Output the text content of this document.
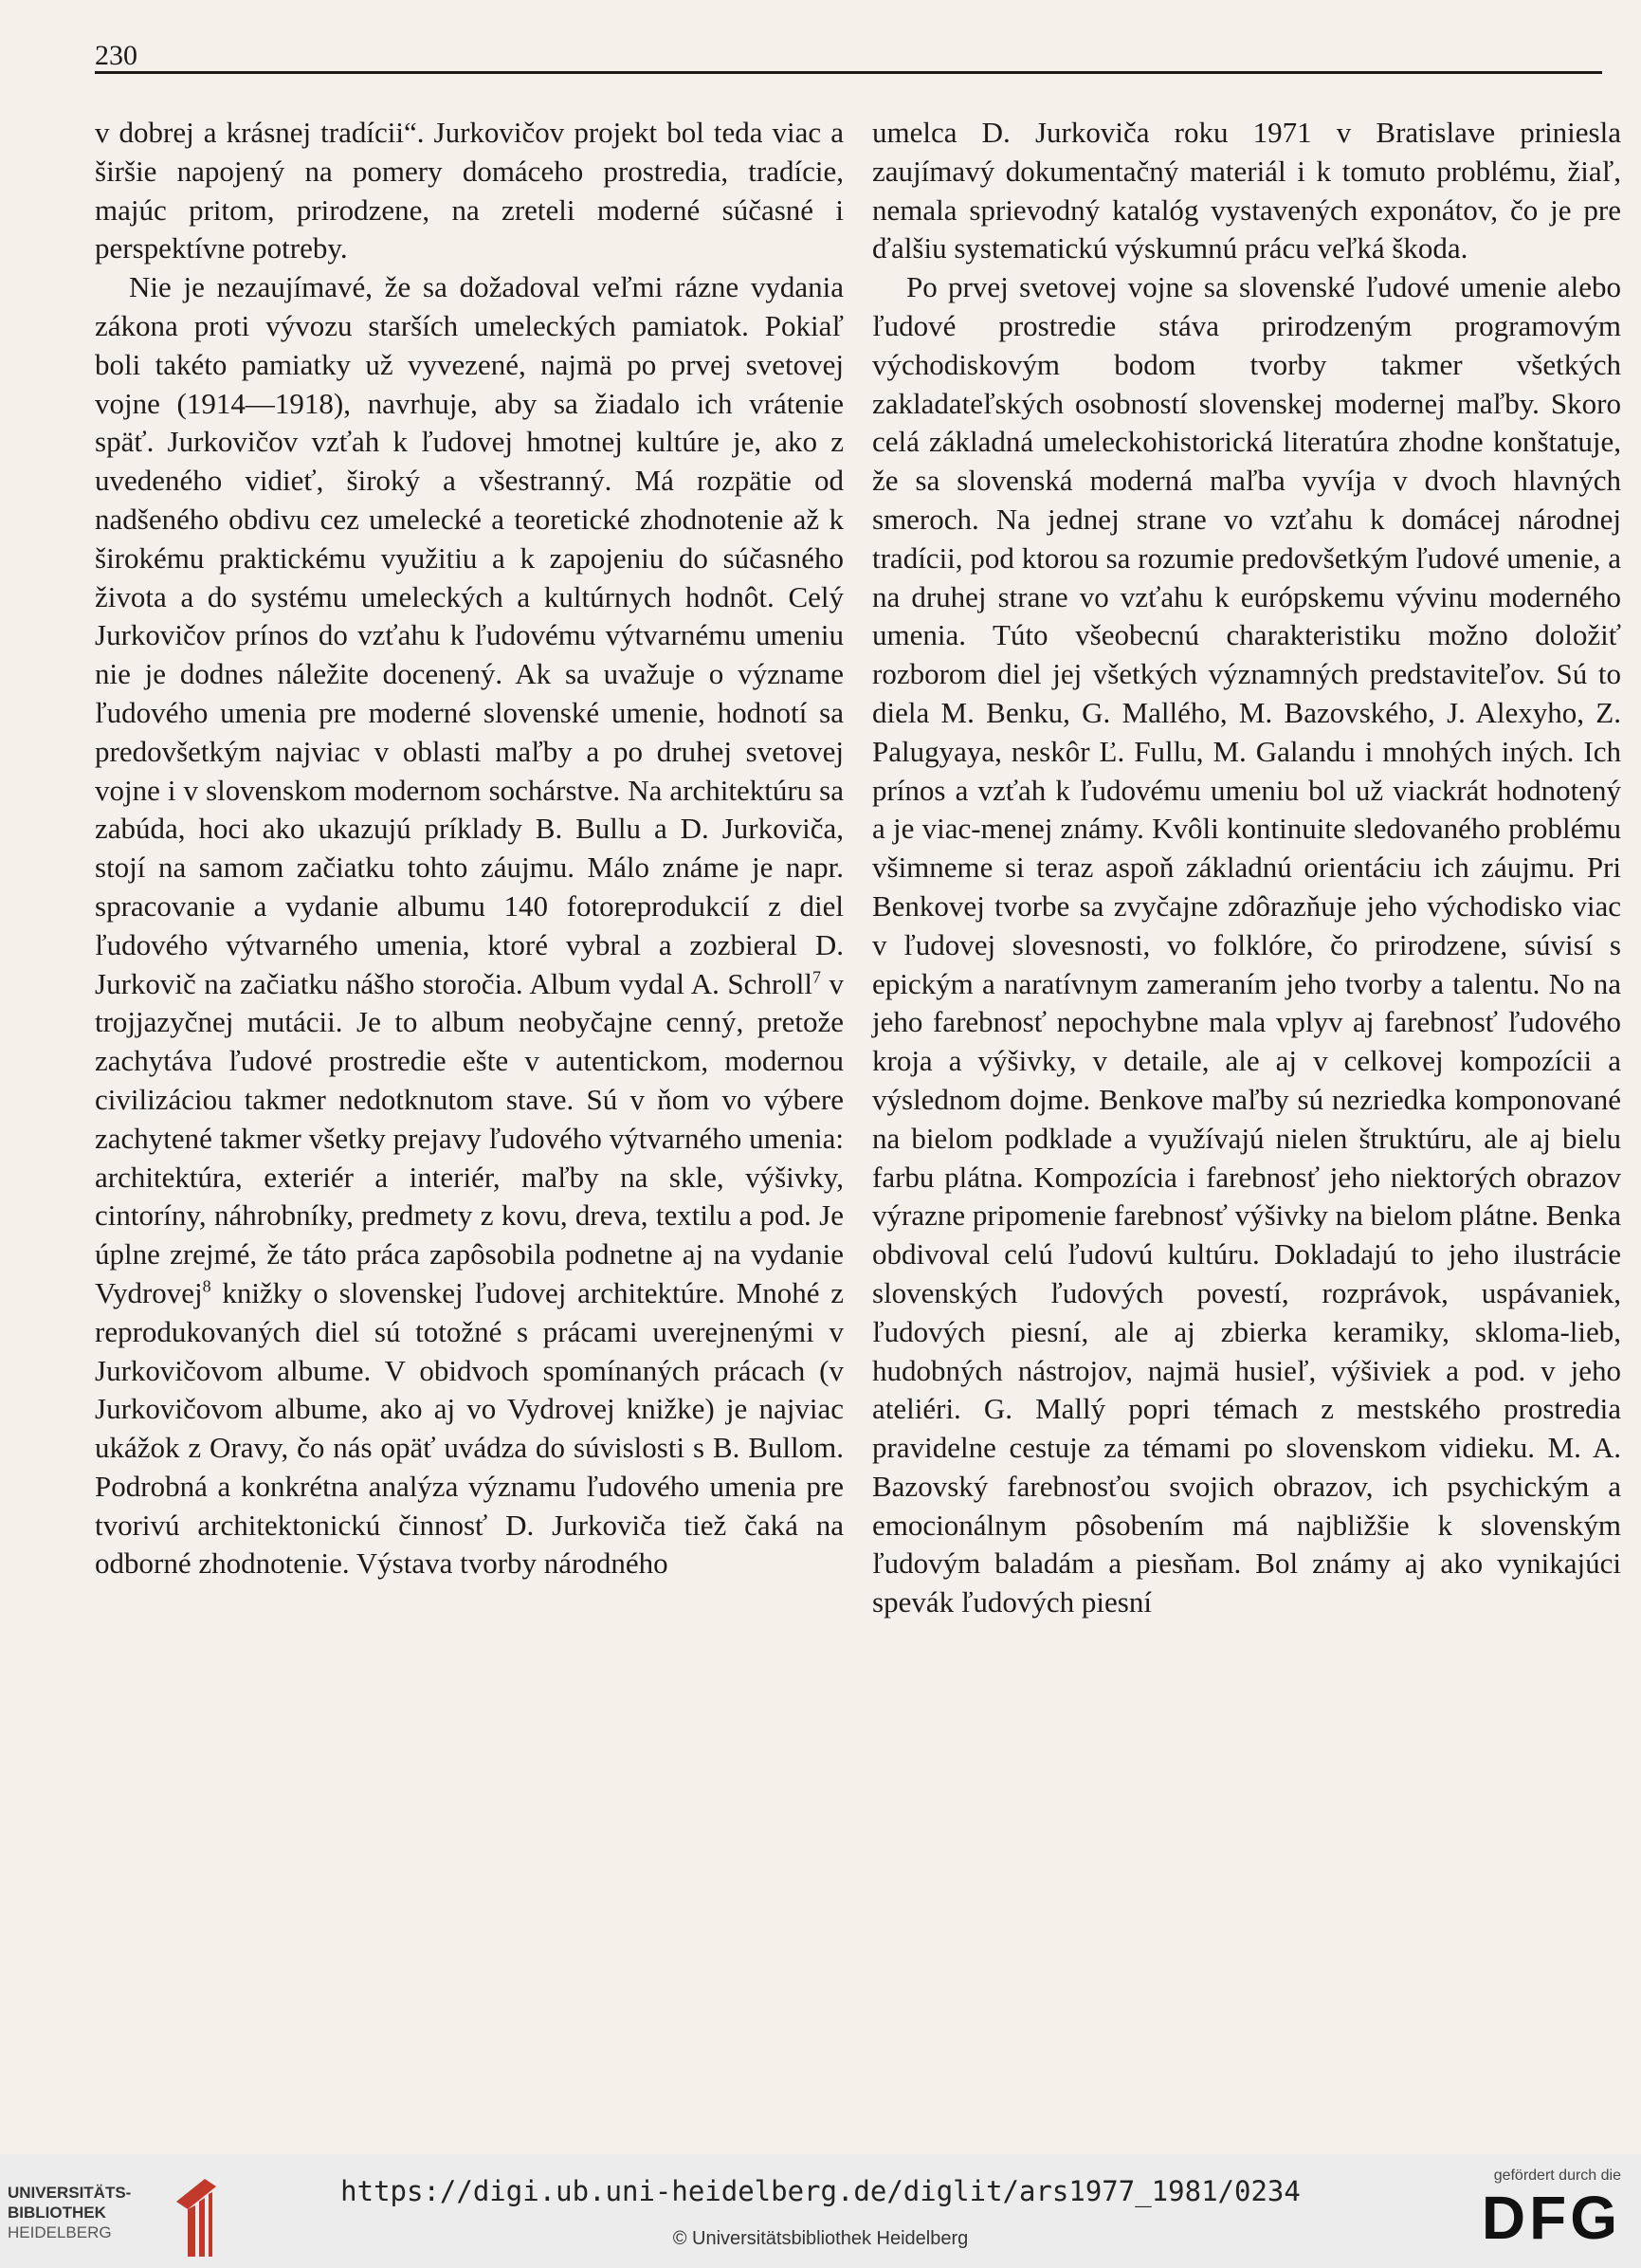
230

v dobrej a krásnej tradícii“. Jurkovičov projekt bol teda viac a širšie napojený na pomery domáceho prostredia, tradície, majúc pritom, prirodzene, na zreteli moderné súčasné i perspektívne potreby.

Nie je nezaujímavé, že sa dožadoval veľmi rázne vydania zákona proti vývozu starších umeleckých pamiatok. Pokiaľ boli takéto pamiatky už vyvezené, najmä po prvej svetovej vojne (1914—1918), navrhuje, aby sa žiadalo ich vrátenie späť. Jurkovičov vzťah k ľudovej hmotnej kultúre je, ako z uvedeného vidieť, široký a všestranný. Má rozpätie od nadšeného obdivu cez umelecké a teoretické zhodnotenie až k širokému praktickému využitiu a k zapojeniu do súčasného života a do systému umeleckých a kultúrnych hodnôt. Celý Jurkovičov prínos do vzťahu k ľudovému výtvarnému umeniu nie je dodnes náležite docenený. Ak sa uvažuje o význame ľudového umenia pre moderné slovenské umenie, hodnotí sa predovšetkým najviac v oblasti maľby a po druhej svetovej vojne i v slovenskom modernom sochárstve. Na architektúru sa zabúda, hoci ako ukazujú príklady B. Bullu a D. Jurkoviča, stojí na samom začiatku tohto záujmu. Málo známe je napr. spracovanie a vydanie albumu 140 fotoreprodukcií z diel ľudového výtvarného umenia, ktoré vybral a zozbieral D. Jurkovič na začiatku nášho storočia. Album vydal A. Schroll$^7$ v trojjazyčnej mutácii. Je to album neobyčajne cenný, pretože zachytáva ľudové prostredie ešte v autentickom, modernou civilizáciou takmer nedotknutom stave. Sú v ňom vo výbere zachytené takmer všetky prejavy ľudového výtvarného umenia: architektúra, exteriér a interiér, maľby na skle, výšivky, cintoríny, náhrobníky, predmety z kovu, dreva, textilu a pod. Je úplne zrejmé, že táto práca zapôsobila podnetne aj na vydanie Vydrovej$^8$ knižky o slovenskej ľudovej architektúre. Mnohé z reprodukovaných diel sú totožné s prácami uverejnenými v Jurkovičovom albume. V obidvoch spomínaných prácach (v Jurkovičovom albume, ako aj vo Vydrovej knižke) je najviac ukážok z Oravy, čo nás opäť uvádza do súvislosti s B. Bullom. Podrobná a konkrétna analýza významu ľudového umenia pre tvorivú architektonickú činnosť D. Jurkoviča tiež čaká na odborné zhodnotenie. Výstava tvorby národného

umelca D. Jurkoviča roku 1971 v Bratislave priniesla zaujímavý dokumentačný materiál i k tomuto problému, žiaľ, nemala sprievodný katalóg vystavených exponátov, čo je pre ďalšiu systematickú výskumnú prácu veľká škoda.

Po prvej svetovej vojne sa slovenské ľudové umenie alebo ľudové prostredie stáva prirodzeným programovým východiskovým bodom tvorby takmer všetkých zakladateľských osobností slovenskej modernej maľby. Skoro celá základná umeleckohistorická literatúra zhodne konštatuje, že sa slovenská moderná maľba vyvíja v dvoch hlavných smeroch. Na jednej strane vo vzťahu k domácej národnej tradícii, pod ktorou sa rozumie predovšetkým ľudové umenie, a na druhej strane vo vzťahu k európskemu vývinu moderného umenia. Túto všeobecnú charakteristiku možno doložiť rozborom diel jej všetkých významných predstaviteľov. Sú to diela M. Benku, G. Mallého, M. Bazovského, J. Alexyho, Z. Palugyaya, neskôr Ľ. Fullu, M. Galandu i mnohých iných. Ich prínos a vzťah k ľudovému umeniu bol už viackrát hodnotený a je viac-menej známy. Kvôli kontinuite sledovaného problému všimneme si teraz aspoň základnú orientáciu ich záujmu. Pri Benkovej tvorbe sa zvyčajne zdôrazňuje jeho východisko viac v ľudovej slovesnosti, vo folklóre, čo prirodzene, súvisí s epickým a naratívnym zameraním jeho tvorby a talentu. No na jeho farebnosť nepochybne mala vplyv aj farebnosť ľudového kroja a výšivky, v detaile, ale aj v celkovej kompozícii a výslednom dojme. Benkove maľby sú nezriedka komponované na bielom podklade a využívajú nielen štruktúru, ale aj bielu farbu plátna. Kompozícia i farebnosť jeho niektorých obrazov výrazne pripomenie farebnosť výšivky na bielom plátne. Benka obdivoval celú ľudovú kultúru. Dokladajú to jeho ilustrácie slovenských ľudových povestí, rozprávok, uspávaniek, ľudových piesní, ale aj zbierka keramiky, skloma-lieb, hudobných nástrojov, najmä husieľ, výšiviek a pod. v jeho ateliéri. G. Mallý popri témach z mestského prostredia pravidelne cestuje za témami po slovenskom vidieku. M. A. Bazovský farebnosťou svojich obrazov, ich psychickým a emocionálnym pôsobením má najbližšie k slovenským ľudovým baladám a piesňam. Bol známy aj ako vynikajúci spevák ľudových piesní

UNIVERSITÄTS-
BIBLIOTHEK
HEIDELBERG
https://digi.ub.uni-heidelberg.de/diglit/ars1977_1981/0234
© Universitätsbibliothek Heidelberg
gefördert durch die
DFG
